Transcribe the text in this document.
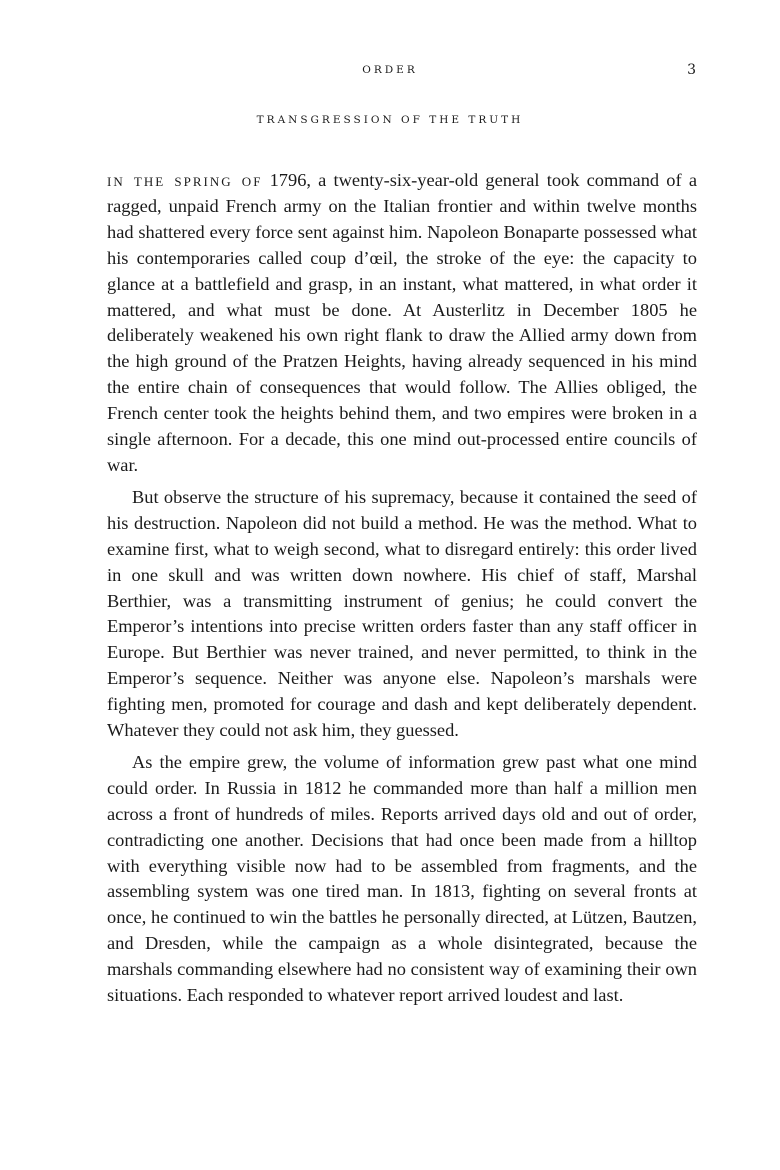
ORDER	3
TRANSGRESSION OF THE TRUTH

in the spring of 1796, a twenty-six-year-old general took command of a ragged, unpaid French army on the Italian frontier and within twelve months had shattered every force sent against him. Napoleon Bonaparte possessed what his contemporaries called coup d’œil, the stroke of the eye: the capacity to glance at a battlefield and grasp, in an instant, what mattered, in what order it mattered, and what must be done. At Austerlitz in December 1805 he deliberately weakened his own right flank to draw the Allied army down from the high ground of the Pratzen Heights, having already sequenced in his mind the entire chain of consequences that would follow. The Allies obliged, the French center took the heights behind them, and two empires were broken in a single afternoon. For a decade, this one mind out-processed entire councils of war.

But observe the structure of his supremacy, because it contained the seed of his destruction. Napoleon did not build a method. He was the method. What to examine first, what to weigh second, what to disregard entirely: this order lived in one skull and was written down nowhere. His chief of staff, Marshal Berthier, was a transmitting instrument of genius; he could convert the Emperor’s intentions into precise written orders faster than any staff officer in Europe. But Berthier was never trained, and never permitted, to think in the Emperor’s sequence. Neither was anyone else. Napoleon’s marshals were fighting men, promoted for courage and dash and kept deliberately dependent. Whatever they could not ask him, they guessed.

As the empire grew, the volume of information grew past what one mind could order. In Russia in 1812 he commanded more than half a million men across a front of hundreds of miles. Reports arrived days old and out of order, contradicting one another. Decisions that had once been made from a hilltop with everything visible now had to be assembled from fragments, and the assembling system was one tired man. In 1813, fighting on several fronts at once, he continued to win the battles he personally directed, at Lützen, Bautzen, and Dresden, while the campaign as a whole disintegrated, because the marshals commanding elsewhere had no consistent way of examining their own situations. Each responded to whatever report arrived loudest and last.
